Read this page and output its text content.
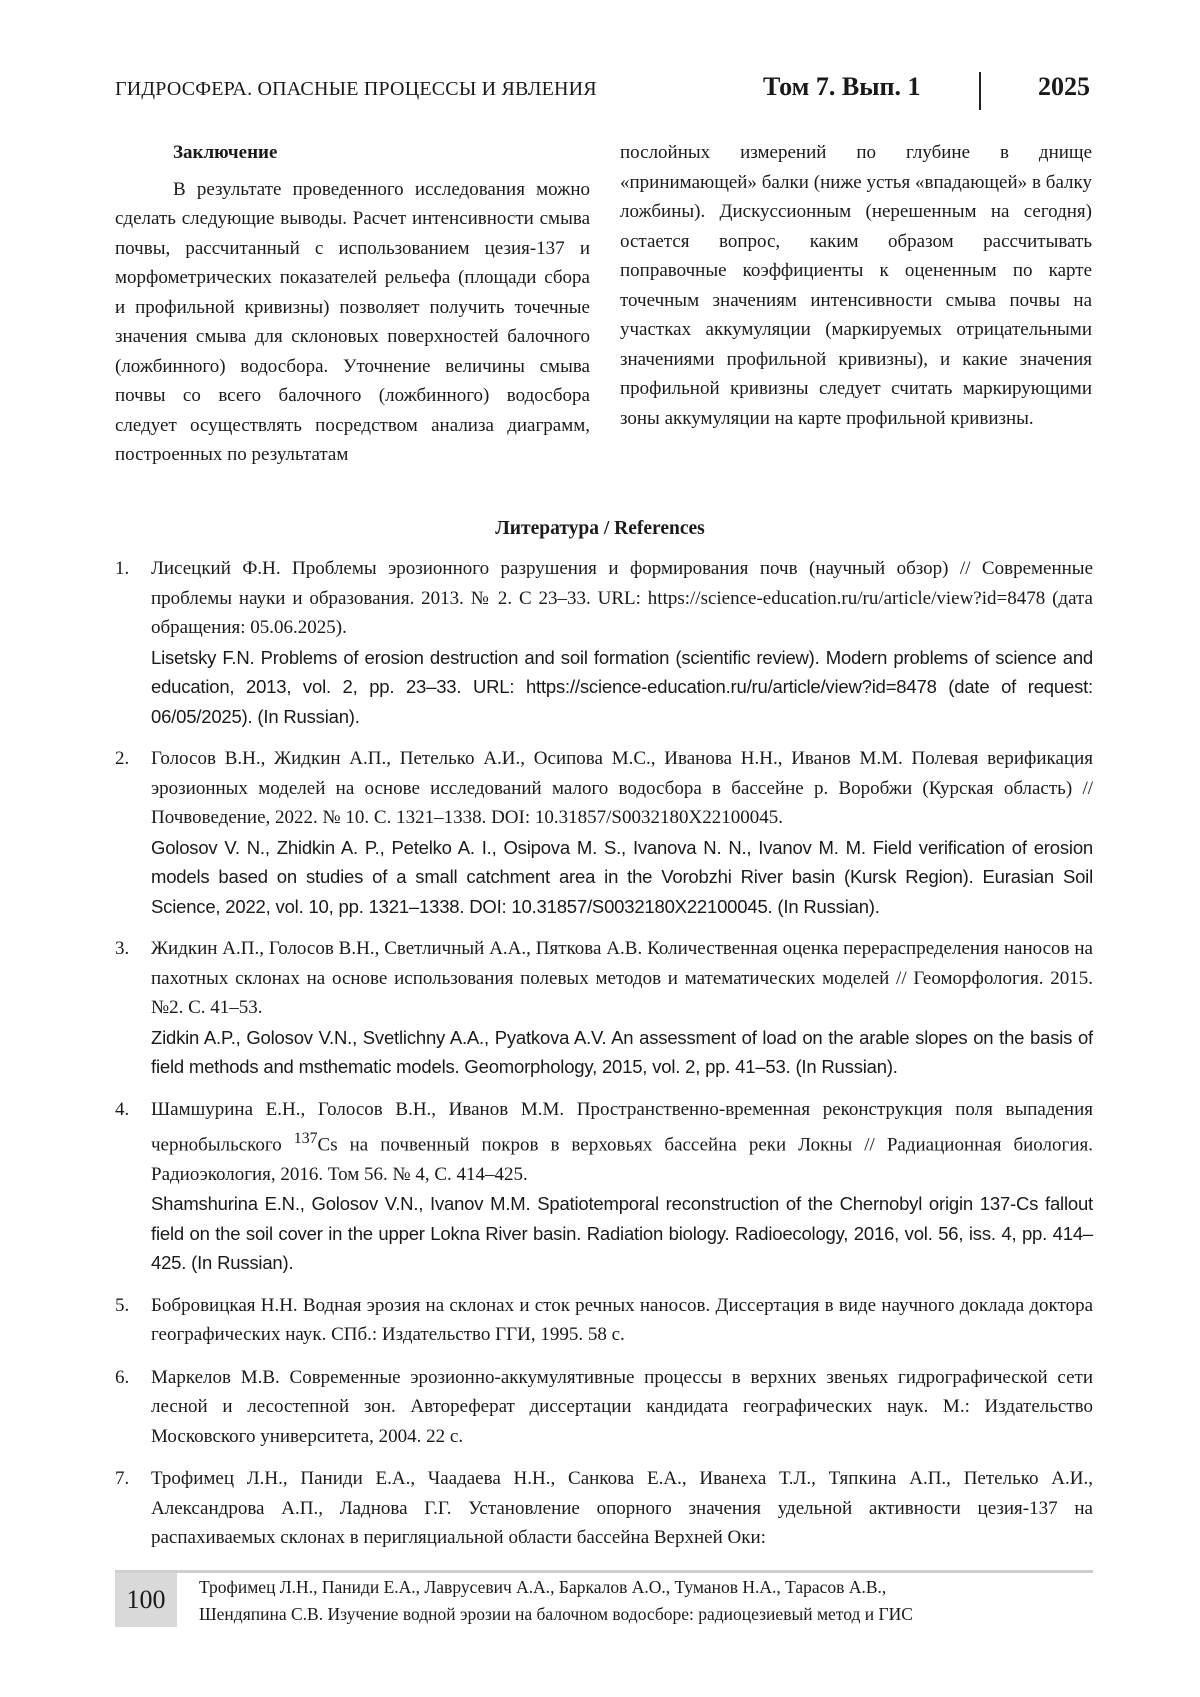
ГИДРОСФЕРА. ОПАСНЫЕ ПРОЦЕССЫ И ЯВЛЕНИЯ	Том 7. Вып. 1	2025
Заключение

В результате проведенного исследования можно сделать следующие выводы. Расчет интенсивности смыва почвы, рассчитанный с использованием цезия-137 и морфометрических показателей рельефа (площади сбора и профильной кривизны) позволяет получить точечные значения смыва для склоновых поверхностей балочного (ложбинного) водосбора. Уточнение величины смыва почвы со всего балочного (ложбинного) водосбора следует осуществлять посредством анализа диаграмм, построенных по результатам

послойных измерений по глубине в днище «принимающей» балки (ниже устья «впадающей» в балку ложбины). Дискуссионным (нерешенным на сегодня) остается вопрос, каким образом рассчитывать поправочные коэффициенты к оцененным по карте точечным значениям интенсивности смыва почвы на участках аккумуляции (маркируемых отрицательными значениями профильной кривизны), и какие значения профильной кривизны следует считать маркирующими зоны аккумуляции на карте профильной кривизны.

Литература / References
1. Лисецкий Ф.Н. Проблемы эрозионного разрушения и формирования почв (научный обзор) // Современные проблемы науки и образования. 2013. № 2. С 23–33. URL: https://science-education.ru/ru/article/view?id=8478 (дата обращения: 05.06.2025).

Lisetsky F.N. Problems of erosion destruction and soil formation (scientific review). Modern problems of science and education, 2013, vol. 2, pp. 23–33. URL: https://science-education.ru/ru/article/view?id=8478 (date of request: 06/05/2025). (In Russian).

2. Голосов В.Н., Жидкин А.П., Петелько А.И., Осипова М.С., Иванова Н.Н., Иванов М.М. Полевая верификация эрозионных моделей на основе исследований малого водосбора в бассейне р. Воробжи (Курская область) // Почвоведение, 2022. № 10. С. 1321–1338. DOI: 10.31857/S0032180X22100045.

Golosov V. N., Zhidkin A. P., Petelko A. I., Osipova M. S., Ivanova N. N., Ivanov M. M. Field verification of erosion models based on studies of a small catchment area in the Vorobzhi River basin (Kursk Region). Eurasian Soil Science, 2022, vol. 10, pp. 1321–1338. DOI: 10.31857/S0032180X22100045. (In Russian).

3. Жидкин А.П., Голосов В.Н., Светличный А.А., Пяткова А.В. Количественная оценка перераспределения наносов на пахотных склонах на основе использования полевых методов и математических моделей // Геоморфология. 2015. №2. С. 41–53.

Zidkin A.P., Golosov V.N., Svetlichny A.A., Pyatkova A.V. An assessment of load on the arable slopes on the basis of field methods and msthematic models. Geomorphology, 2015, vol. 2, pp. 41–53. (In Russian).

4. Шамшурина Е.Н., Голосов В.Н., Иванов М.М. Пространственно-временная реконструкция поля выпадения чернобыльского $^{137}$Cs на почвенный покров в верховьях бассейна реки Локны // Радиационная биология. Радиоэкология, 2016. Том 56. № 4, С. 414–425.

Shamshurina E.N., Golosov V.N., Ivanov M.M. Spatiotemporal reconstruction of the Chernobyl origin 137-Cs fallout field on the soil cover in the upper Lokna River basin. Radiation biology. Radioecology, 2016, vol. 56, iss. 4, pp. 414–425. (In Russian).

5. Бобровицкая Н.Н. Водная эрозия на склонах и сток речных наносов. Диссертация в виде научного доклада доктора географических наук. СПб.: Издательство ГГИ, 1995. 58 с.

6. Маркелов М.В. Современные эрозионно-аккумулятивные процессы в верхних звеньях гидрографической сети лесной и лесостепной зон. Автореферат диссертации кандидата географических наук. М.: Издательство Московского университета, 2004. 22 с.

7. Трофимец Л.Н., Паниди Е.А., Чаадаева Н.Н., Санкова Е.А., Иванеха Т.Л., Тяпкина А.П., Петелько А.И., Александрова А.П., Ладнова Г.Г. Установление опорного значения удельной активности цезия-137 на распахиваемых склонах в перигляциальной области бассейна Верхней Оки:

100	Трофимец Л.Н., Паниди Е.А., Лаврусевич А.А., Баркалов А.О., Туманов Н.А., Тарасов А.В.,

Шендяпина С.В. Изучение водной эрозии на балочном водосборе: радиоцезиевый метод и ГИС
